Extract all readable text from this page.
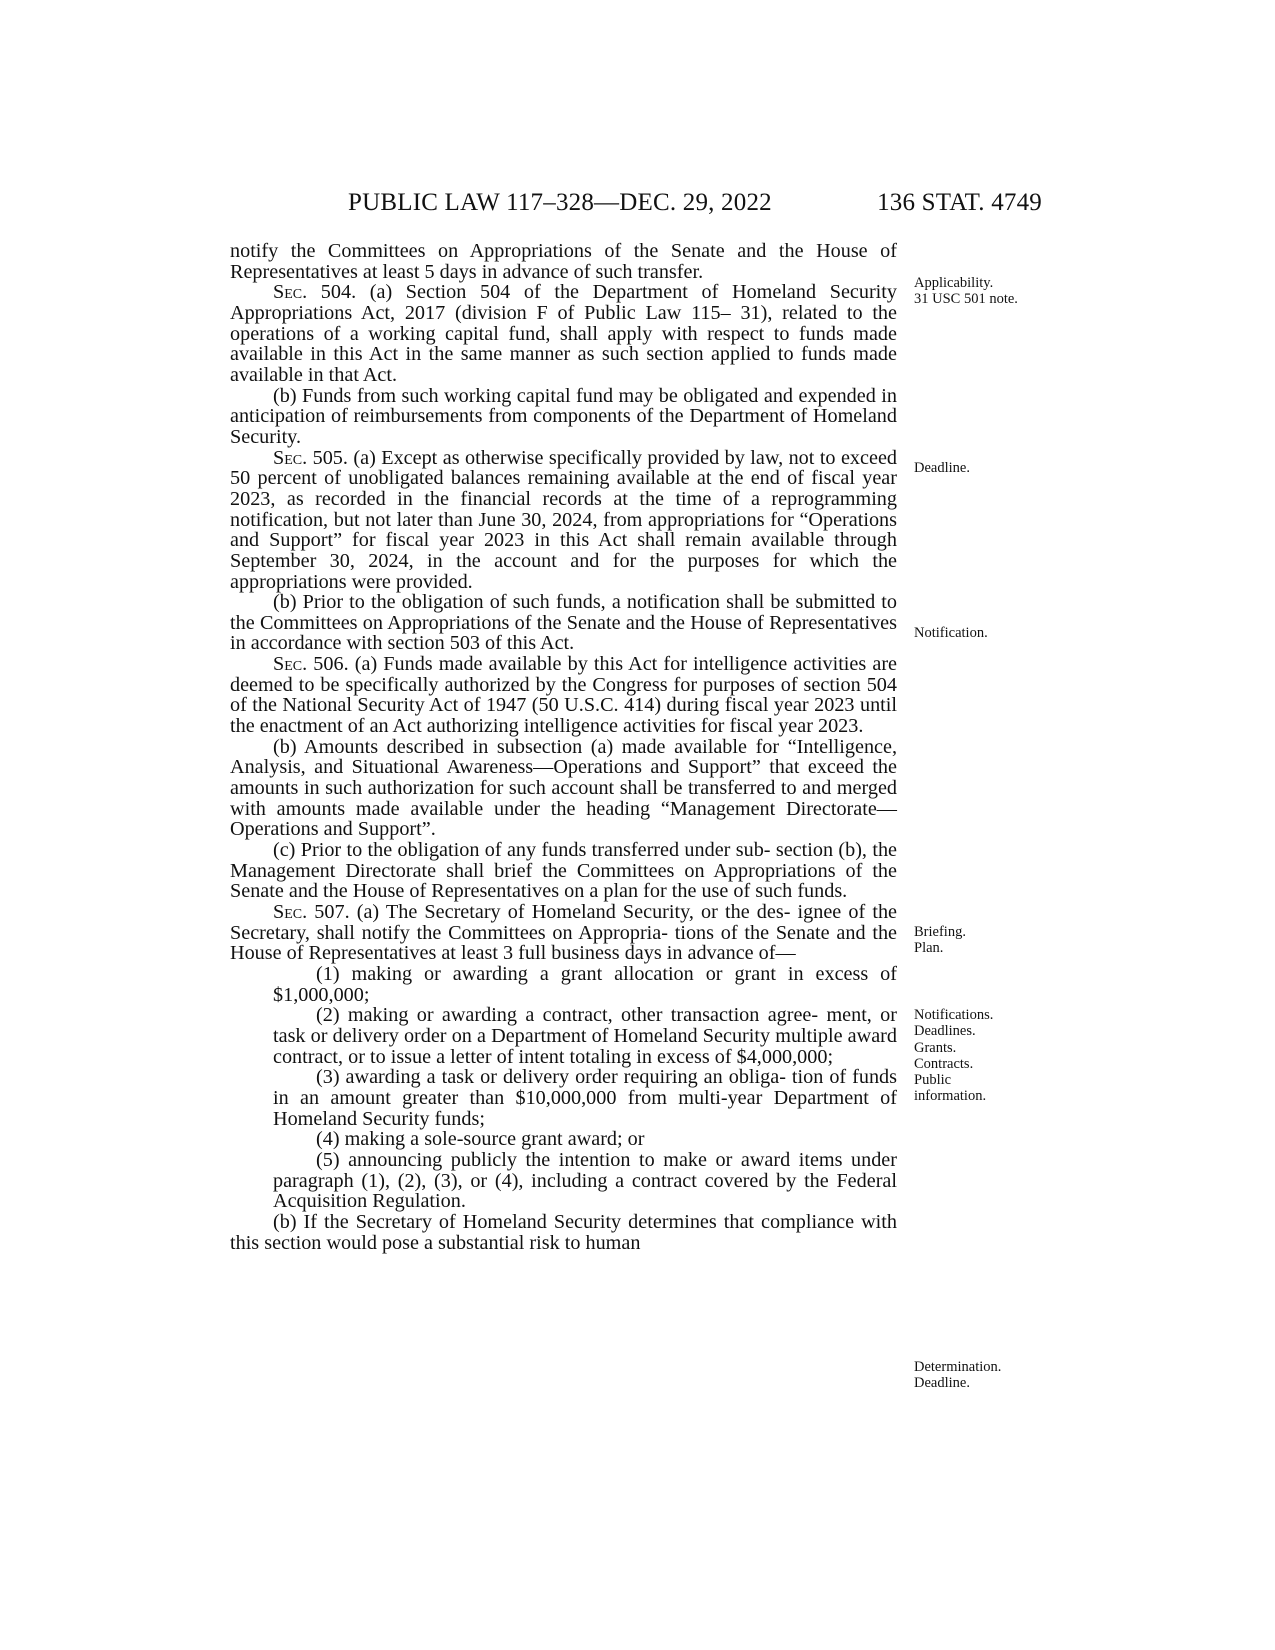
PUBLIC LAW 117–328—DEC. 29, 2022	136 STAT. 4749

notify the Committees on Appropriations of the Senate and the House of Representatives at least 5 days in advance of such transfer.

Sec. 504. (a) Section 504 of the Department of Homeland Security Appropriations Act, 2017 (division F of Public Law 115– 31), related to the operations of a working capital fund, shall apply with respect to funds made available in this Act in the same manner as such section applied to funds made available in that Act.

(b) Funds from such working capital fund may be obligated and expended in anticipation of reimbursements from components of the Department of Homeland Security.

Sec. 505. (a) Except as otherwise specifically provided by law, not to exceed 50 percent of unobligated balances remaining available at the end of fiscal year 2023, as recorded in the financial records at the time of a reprogramming notification, but not later than June 30, 2024, from appropriations for “Operations and Support” for fiscal year 2023 in this Act shall remain available through September 30, 2024, in the account and for the purposes for which the appropriations were provided.

(b) Prior to the obligation of such funds, a notification shall be submitted to the Committees on Appropriations of the Senate and the House of Representatives in accordance with section 503 of this Act.

Sec. 506. (a) Funds made available by this Act for intelligence activities are deemed to be specifically authorized by the Congress for purposes of section 504 of the National Security Act of 1947 (50 U.S.C. 414) during fiscal year 2023 until the enactment of an Act authorizing intelligence activities for fiscal year 2023.

(b) Amounts described in subsection (a) made available for “Intelligence, Analysis, and Situational Awareness—Operations and Support” that exceed the amounts in such authorization for such account shall be transferred to and merged with amounts made available under the heading “Management Directorate—Operations and Support”.

(c) Prior to the obligation of any funds transferred under sub- section (b), the Management Directorate shall brief the Committees on Appropriations of the Senate and the House of Representatives on a plan for the use of such funds.

Sec. 507. (a) The Secretary of Homeland Security, or the des- ignee of the Secretary, shall notify the Committees on Appropria- tions of the Senate and the House of Representatives at least 3 full business days in advance of—

(1) making or awarding a grant allocation or grant in excess of $1,000,000;

(2) making or awarding a contract, other transaction agree- ment, or task or delivery order on a Department of Homeland Security multiple award contract, or to issue a letter of intent totaling in excess of $4,000,000;

(3) awarding a task or delivery order requiring an obliga- tion of funds in an amount greater than $10,000,000 from multi-year Department of Homeland Security funds;

(4) making a sole-source grant award; or

(5) announcing publicly the intention to make or award items under paragraph (1), (2), (3), or (4), including a contract covered by the Federal Acquisition Regulation.

(b) If the Secretary of Homeland Security determines that compliance with this section would pose a substantial risk to human

Applicability.
31 USC 501 note.
Deadline.
Notification.
Briefing.
Plan.
Notifications.
Deadlines.
Grants.
Contracts.
Public
information.
Determination.
Deadline.
